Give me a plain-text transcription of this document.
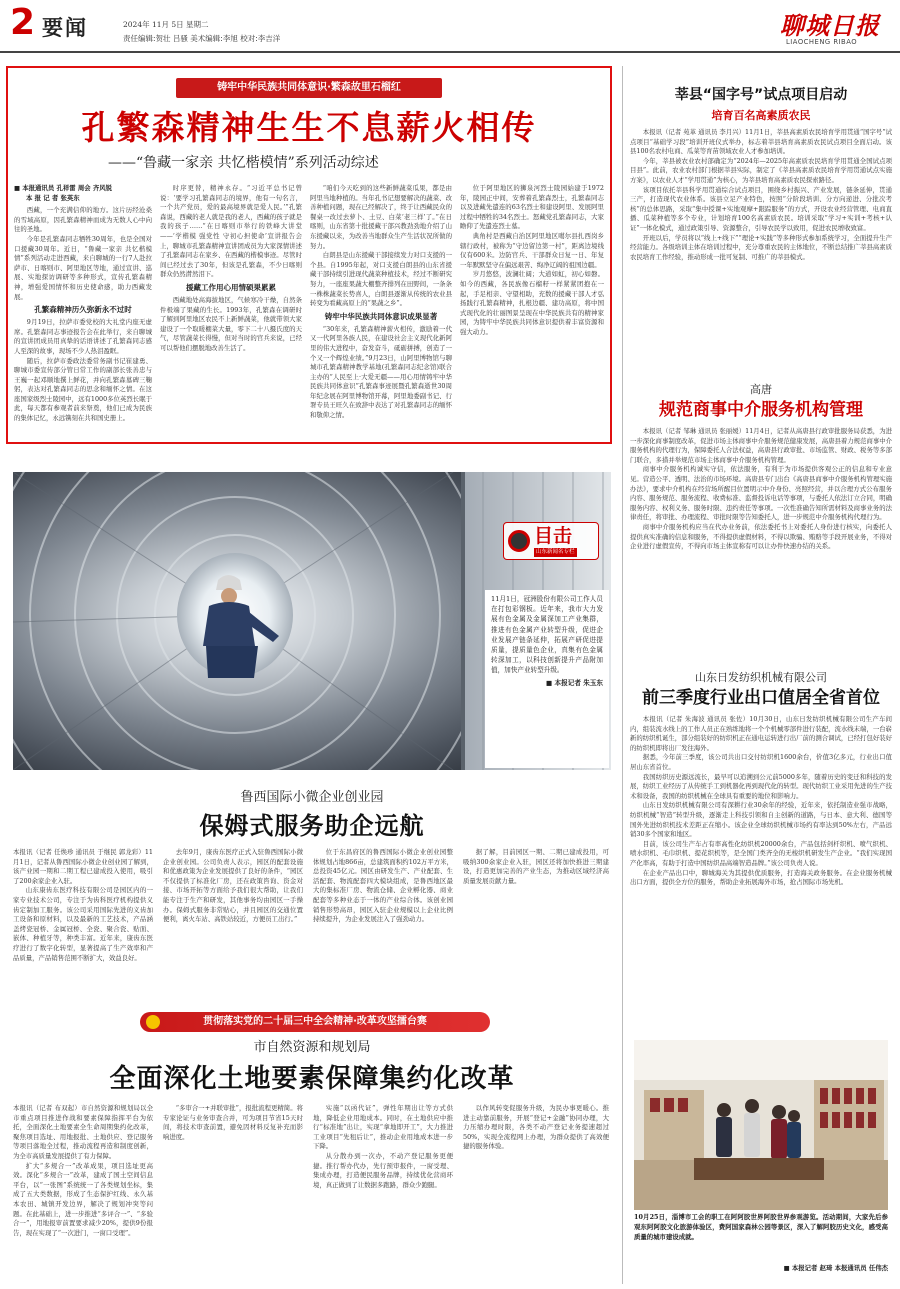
2 要闻	2024年 11月 5日 星期二
责任编辑:贺壮 吕骚 美术编辑:李旭 校对:李吉洋	聊城日报
LIAOCHENG RIBAO
铸牢中华民族共同体意识·繁森故里石榴红
孔繁森精神生生不息薪火相传
——“鲁藏一家亲 共忆楷模情”系列活动综述
■ 本报通讯员 孔祥雷 周会 齐风锐
本 报 记 者 张英东

西藏，一个充满信仰的地方。这片历经沧桑的雪域高原，因孔繁森精神而成为无数人心中向往的圣地。

今年是孔繁森同志牺牲30周年，也是全国对口援藏30周年。近日，“鲁藏一家亲 共忆楷模情”系列活动走进西藏，来自聊城的一行7人赴拉萨市、日喀则市、阿里地区等地，通过宣讲、巡展、实地探访调研等多种形式，宣传孔繁森精神，增强爱国情怀和历史使命感，助力西藏发展。

孔繁森精神历久弥新永不过时

9月19日，拉萨市委党校的大礼堂内座无虚席。孔繁森同志事迹报告会在此举行，来自聊城的宣讲团成员用真挚的话语讲述了孔繁森同志感人至深的故事，现场不少人热泪盈眶。

随后，拉萨市委政法委常务副书记崔建勇、聊城市委宣传部分管日常工作的副部长张善忠与王巍一起邓顺地撰上鲜花，并向孔繁森墓碑三鞠躬，表达对孔繁森同志的思念和缅怀之情。在这座国家级烈士陵园中，远有1000多位英烈长眠于此，每天都有参观者前来祭奠，他们已成为民族的集体记忆，永远镌刻在共和国史册上。

时序更替，精神永存。“习近平总书记曾说：‘要学习孔繁森同志的境界，他有一句名言，一个共产党员，爱的最高境界就是爱人民。’”孔繁森说，西藏的老人就是我的老人，西藏的孩子就是我的孩子……“在日喀则市举行的铁峰大讲堂——‘学楷模 强党性 守初心担使命’宣讲报告会上，聊城市孔繁森精神宣讲团成员为大家深情讲述了孔繁森同志在家乡、在西藏的楷模事迹。尽管时间已经过去了30年，但该是孔繁森，不少日喀则群众仍然潸然泪下。

援藏工作用心用情硕果累累

西藏地处高海拔地区，气候寒冷干燥，自然条件极端了果藏的生长。1993年，孔繁森在调研时了解到阿里地区农民不上新鲜蔬菜，他就带领大家建设了一个取暖棚菜大量，零下二十八摄氏度的天气，尽管蔬菜长得慢，但对当时的官兵来说，已经可以帮他们摆脱地改善生活了。

“咱们今天吃到的这些新鲜蔬菜瓜果，都是由阿里当地种植的。当年孔书记想要解决的蔬菜、改善种植问题，现在已经解决了，终于让西藏民众的餐桌一改过去萝卜、土豆、白菜‘老三样’了。”在日喀则，山东省第十批援藏干部兴教劲劲地介绍了山东援藏以来，为改善当地群众生产生活状况所做的努力。

白朗县是山东援藏干部接续发力对口支援的一个县。自1995年起，对口支援白朗县的山东省援藏干部持续引进现代蔬菜种植技术，经过不断研究努力，一座座果蔬大棚整齐排列在田野间，一条条一株株蔬菜长势喜人，白朗县逐渐从传统的农业县转变为看藏高原上的“果蔬之乡”。

铸牢中华民族共同体意识成果显著

“30年来，孔繁森精神薪火相传，激励着一代又一代阿里各族人民，在建设社会主义现代化新阿里的伟大进程中，奋发奋斗，砥砺拼搏，创造了一个又一个辉煌业绩。”9月23日，山阿里博物馆与聊城市孔繁森精神教学基地(孔繁森同志纪念馆)联合主办的“人民至上·大爱无疆——用心用情铸牢中华民族共同体意识”孔繁森事迹展暨孔繁森逝世30周年纪念展在阿里博物馆开幕，阿里地委副书记、行署专员王旺久在致辞中表达了对孔繁森同志的缅怀和敬仰之情。

位于阿里地区的狮泉河烈士陵园始建于1972年，陵园正中间，安葬着孔繁森烈士，孔繁森同志以及进藏先遣连的63名烈士和建设阿里、发展阿里过程中牺牲的34名烈士。怒藏党孔繁森同志，大家瞻仰了先遣连烈士墓。

典角村是西藏自治区阿里地区噶尔县扎西岗乡辖行政村，被称为“守边留边第一村”，距离边境线仅有600米。边防官兵、干部群众日复一日、年复一年默默坚守在偏远艰苦、绚净辽阔的祖国边疆。

岁月悠悠，波澜壮阔；大道如虹，初心如磐。如今的西藏，各民族像石榴籽一样紧紧团抱在一起，手足相亲、守望相助，充数的援藏干部人才弘扬践行孔繁森精神，扎根边疆、建功高原，将中国式现代化的壮丽图景呈现在中华民族共有的精神家园，为铸牢中华民族共同体意识提供着丰富资源和强大动力。

目击
山东新闻名专栏
11月1日，冠洲股份有限公司工作人员在打包彩钢板。近年来，我市大力发展有色金属及金属深加工产业集群，推进有色金属产业转型升级，促进企业发展产链条延伸，拓展产研促进提质量，提质量色企业，真集有色金属转深加工，以科技创新提升产品附加值，加快产业转型升级。
■ 本报记者 朱玉东
鲁西国际小微企业创业园
保姆式服务助企远航

本报讯（记者 任焕珍 通讯员 于继民 郭龙彩）11月1日，记者从鲁西国际小微企业创业园了解到，该产业园一期和二期工程已建成投入使用，吸引了200余家企业入驻。

山东康齿东医疗科技有限公司是园区内的一家专业技术公司，专注于为齿科医疗机构提供义齿定制加工服务。该公司采用国际先进的义齿加工设备和原材料，以及最新的工艺技术，产品涵盖烤瓷冠桥、金属冠桥、全瓷、聚合瓷、贴面、嵌体、种植牙等，种类丰富。近年来，康齿东医疗进行了数字化转型，显著提高了生产效率和产品质量，产品销售范围不断扩大，效益良好。

去年9月，康齿东医疗正式入驻鲁西国际小微企业创业园。公司负责人表示，园区的配套设施和优惠政策为企业发展提供了良好的条件，“园区不仅提供了标准化厂房，还在政策咨询、资金对接、市场开拓等方面给予我们很大帮助，让我们能专注于生产和研发，其他事务均由园区一手操办。保姆式服务非常贴心，并且园区的交通位置便利，离火车站、高铁站较近，方便员工出行。”

位于东昌府区的鲁西国际小微企业创业园整体规划占地866亩，总建筑面积约102万平方米，总投资45亿元。园区由研发生产、产业配套、生活配套、物流配套四大模块组成，是鲁西地区最大的集标准厂房、物流仓储、企业孵化器、商业配套等多种业态于一体的产业综合体。该创业园销售形势高昂，园区入驻企业规模以上企业比例持续提升，为企业发展注入了强劲动力。

据了解，目前园区一期、二期已建成投用，可吸纳300余家企业入驻，园区还将加快推进三期建设，打造更加完善的产业生态，为推动区域经济高质量发展贡献力量。

贯彻落实党的二十届三中全会精神·改革攻坚擂台赛
市自然资源和规划局
全面深化土地要素保障集约化改革

本报讯（记者 布双起）市自然资源和规划局以全市重点项目推进作战和要素保障指挥平台为依托，全面深化土地要素全生命周期集约化改革，聚焦项目选址、用地报批、土地供应、登记服务等项目落地全过程，推动流程再造和制度创新，为全市高质量发展提供了有力保障。

扩大“多规合一”改革成果，项目选址更高效。深化“多规合一”改革，建成了国土空间信息平台，以“一张图”系统统一了各类规划坐标，集成了五大类数据，形成了生态保护红线、永久基本农田、城镇开发边界，解决了规划冲突等问题。在此基础上，进一步推进“多评合一”、“多验合一”，用地报审前置要求减少20%，提供9份报告，现在实现了“一次进门，一窗口受理”。

“多审合一+并联审批”，报批流程更精简。将专家论证与业务审查合并，可为项目节省15天时间，将技术审查前置，避免因材料反复补充而影响进度。

实施“以函代证”，弹性年期出让等方式供地，降低企业用地成本。同时，在土地供应中推行“标准地”出让，实现“拿地即开工”，大力推进工业项目“先租后让”，推动企业用地成本进一步下降。

从分散办到一次办，不动产登记服务更便捷。推行帮办代办，先行预审报件，一窗受理、集成办理，打造便民服务品牌，持续优化营商环境，真正做到了让数据多跑路，群众少跑腿。

以作风转变促服务升级，为民办事更暖心。推进主动靠前服务，开展“登记+金融”协同办理，大力压缩办理时限，各类不动产登记业务提速超过50%，实现全流程网上办理，为群众提供了高效便捷的服务体验。

莘县“国字号”试点项目启动
培育百名高素质农民

本报讯（记者 苑革 通讯员 李月兴）11月1日，莘县高素质农民培育学用贯通“国字号”试点项目“基础学习段”培训开班仪式举办，标志着莘县培育高素质农民试点项目全面启动。该县100名农村电商、瓜菜等育苗领域农业人才参加培训。

今年，莘县被农业农村部确定为“2024年—2025年高素质农民培育学用贯通全国试点项目县”。此前，农业农村部门根据莘县实际，制定了《莘县高素质农民培育学用贯通试点实施方案》，以农业人才“学用贯通”为核心，为莘县培育高素质农民探索路径。

该项目依托莘县科学用贯通综合试点项目，围绕乡村振兴、产业发展，链条延伸，贯通三产，打造现代农业体系。该县立足产业特色，按照“分阶段培训、分方向递进、分批次考核”的总体思路，采取“集中授课+实地观摩+跟踪服务”的方式，开设农业经营管理、电商直播、瓜菜种植等多个专业，计划培育100名高素质农民。培训采取“学习+实训+考核+认证”一体化模式，通过政策引导、资源整合，引导农民学以致用，促进农民增收致富。

开班以后，学员将以“线上+线下”“理论+实践”等多种形式参加系统学习，全面提升生产经营能力。各级培训主体在培训过程中，充分尊重农民的主体地位，不断总结推广莘县高素质农民培育工作经验，推动形成一批可复制、可推广的莘县模式。

高唐
规范商事中介服务机构管理

本报讯（记者 邹琳 通讯员 张丽媛）11月4日，记者从高唐县行政审批服务局获悉，为进一步深化商事制度改革，促进市场主体商事中介服务规范健康发展，高唐县着力规范商事中介服务机构的代理行为，保障委托人合法权益，高唐县行政审批、市场监管、财政、税务等多部门联合，多措并举规范市场主体商事中介服务机构管理。

商事中介服务机构诚实守信，依法服务，有利于为市场提供客观公正的信息和专业意见。营造公平、透明、法治的市场环境。高唐县专门出台《高唐县商事中介服务机构管理实施办法》，要求中介机构在经营场所醒目位置明示中介身份、亮照经营，并以合理方式公布服务内容、服务规范、服务流程、收费标准、监督投诉电话等事项，与委托人依法订立合同，明确服务内容、权利义务、服务时限、违约责任等事项。一次性准确告知所需材料及商事业务的法律责任，将审批、办理流程、审批时限等告知委托人，进一步规范中介服务机构代理行为。

商事中介服务机构应当在代办业务前，依法委托书上对委托人身份进行核实，向委托人提供真实准确的信息和服务，不得提供虚假材料，不得以欺骗、贿赂等手段开展业务，不得对企业进行虚假宣传，不得向市场主体宣称有可以让办件快速办结的关系。

山东日发纺织机械有限公司
前三季度行业出口值居全省首位

本报讯（记者 朱海波 通讯员 张佐）10月30日，山东日发纺织机械有限公司生产车间内，组装流水线上的工作人员正在熟练地将一个个机械零部件进行装配，流水线末端，一台崭新的纺织机诞生，部分组装好的纺织机正在通电运转进行出厂前的测合调试，已经打包好装好的纺织机即将出厂发往海外。

据悉，今年前三季度，该公司共出口交付纺织机1600余台，价值3亿多元，行业出口值居山东省首位。

我国纺织历史源远流长，最早可以追溯到公元前5000多年，随着历史的变迁和科技的发展，纺织工业经历了从传统手工到机器化再到现代化的转型。现代纺织工业采用先进的生产技术和设备，我国的纺织机械在全球具有重要的地位和影响力。

山东日发纺织机械有限公司有深耕行业30余年的经验，近年来，依托制造业强市战略，纺织机械“智造”转型升级，逐渐走上科技引领和自主创新的道路，与日本、意大利、德国等国外先进纺织机技术差距正在缩小。该企业全球纺织机械市场约有率达到50%左右，产品远销30多个国家和地区。

目前，该公司生产车占有率高性化纺织机20000余台，产品包括剑杆织机、喷气织机、喷水织机、毛巾织机、提花织机等，是全国门类齐全的无梭织机研发生产企业。“我们实现国产化率高，有助于打造中国纺织品高端智造品牌。”该公司负责人说。

在企业产品出口中，聊城海关为其提供优质服务，打造海关政务服务。在企业服务机械出口方面，提供全方位的服务，帮助企业拓展海外市场，抢占国际市场先机。

10月25日，淄博市工会的职工在阿阿胶世界阿胶世界参观游览。活动期间，大家先后参观东阿阿胶文化旅游体验区，费阿国家森林公园等景区，深入了解阿胶历史文化，感受高质量的城市建设成就。
■ 本报记者 赵琦 本报通讯员 任伟杰
